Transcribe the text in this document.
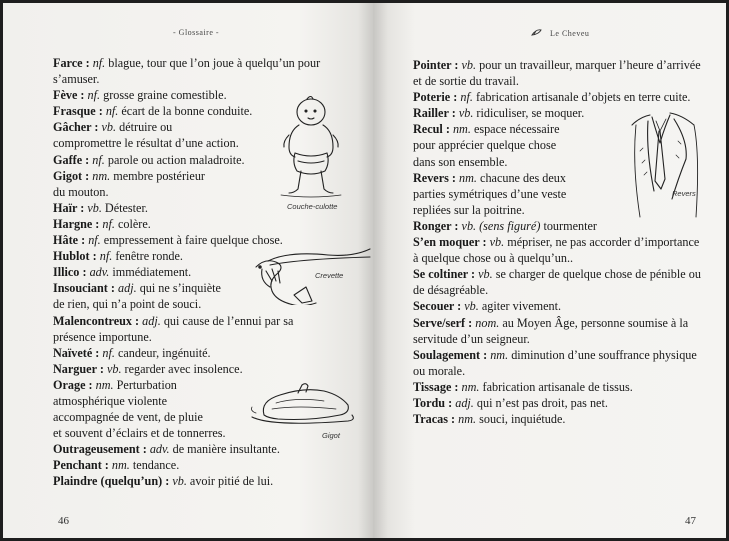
- Glossaire -
Farce : nf. blague, tour que l’on joue à quelqu’un pour
s’amuser.
Fève : nf. grosse graine comestible.
Frasque : nf. écart de la bonne conduite.
Gâcher : vb. détruire ou
compromettre le résultat d’une action.
Gaffe : nf. parole ou action maladroite.
Gigot : nm. membre postérieur
du mouton.
Haïr : vb. Détester.
Hargne : nf. colère.
Hâte : nf. empressement à faire quelque chose.
Hublot : nf. fenêtre ronde.
Illico : adv. immédiatement.
Insouciant : adj. qui ne s’inquiète
de rien, qui n’a point de souci.
Malencontreux : adj. qui cause de l’ennui par sa
présence importune.
Naïveté : nf. candeur, ingénuité.
Narguer : vb. regarder avec insolence.
Orage : nm. Perturbation
atmosphérique violente
accompagnée de vent, de pluie
et souvent d’éclairs et de tonnerres.
Outrageusement : adv. de manière insultante.
Penchant : nm. tendance.
Plaindre (quelqu’un) : vb. avoir pitié de lui.
Couche-culotte
Crevette
Gigot
46
Le Cheveu
Pointer : vb. pour un travailleur, marquer l’heure d’arrivée
et de sortie du travail.
Poterie : nf. fabrication artisanale d’objets en terre cuite.
Railler : vb. ridiculiser, se moquer.
Recul : nm. espace nécessaire
pour apprécier quelque chose
dans son ensemble.
Revers : nm. chacune des deux
parties symétriques d’une veste
repliées sur la poitrine.
Ronger : vb. (sens figuré) tourmenter
S’en moquer : vb. mépriser, ne pas accorder d’importance
à quelque chose ou à quelqu’un..
Se coltiner : vb. se charger de quelque chose de pénible ou
de désagréable.
Secouer : vb. agiter vivement.
Serve/serf : nom. au Moyen Âge, personne soumise à la
servitude d’un seigneur.
Soulagement : nm. diminution d’une souffrance physique
ou morale.
Tissage : nm. fabrication artisanale de tissus.
Tordu : adj. qui n’est pas droit, pas net.
Tracas : nm. souci, inquiétude.
Revers
47
